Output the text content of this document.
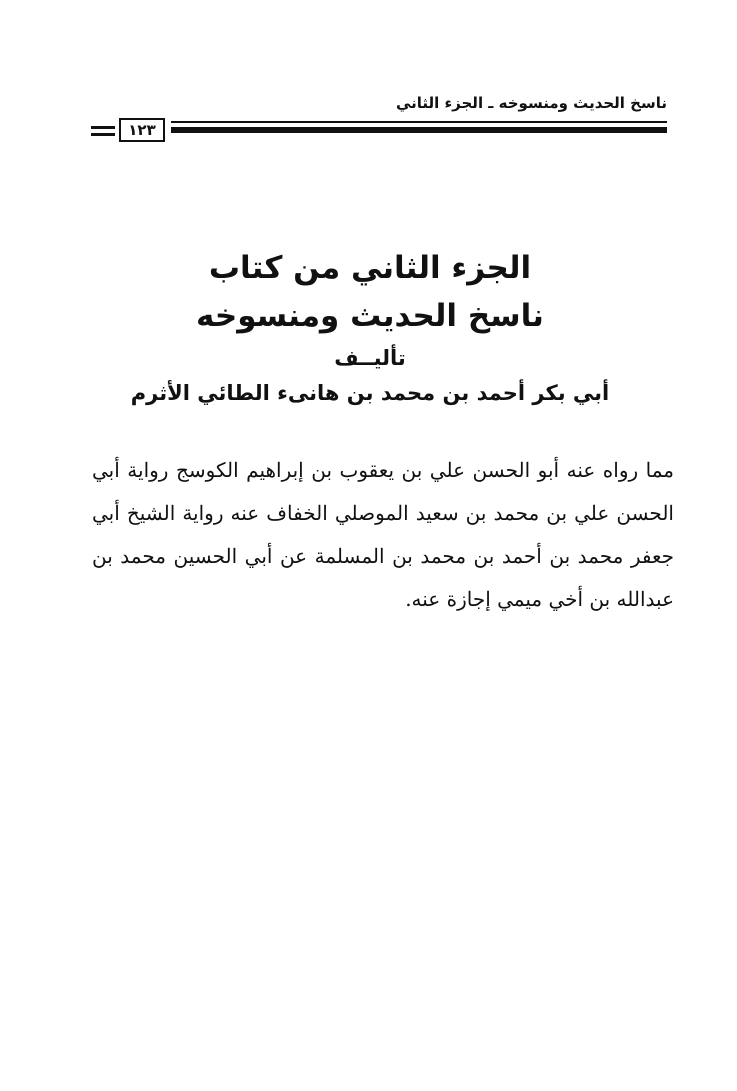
ناسخ الحديث ومنسوخه ـ الجزء الثاني
١٢٣
الجزء الثاني من كتاب
ناسخ الحديث ومنسوخه
تأليــف
أبي بكر أحمد بن محمد بن هانىء الطائي الأثرم
مما رواه عنه أبو الحسن علي بن يعقوب بن إبراهيم الكوسج رواية أبي الحسن علي بن محمد بن سعيد الموصلي الخفاف عنه رواية الشيخ أبي جعفر محمد بن أحمد بن محمد بن المسلمة عن أبي الحسين محمد بن عبدالله بن أخي ميمي إجازة عنه.
